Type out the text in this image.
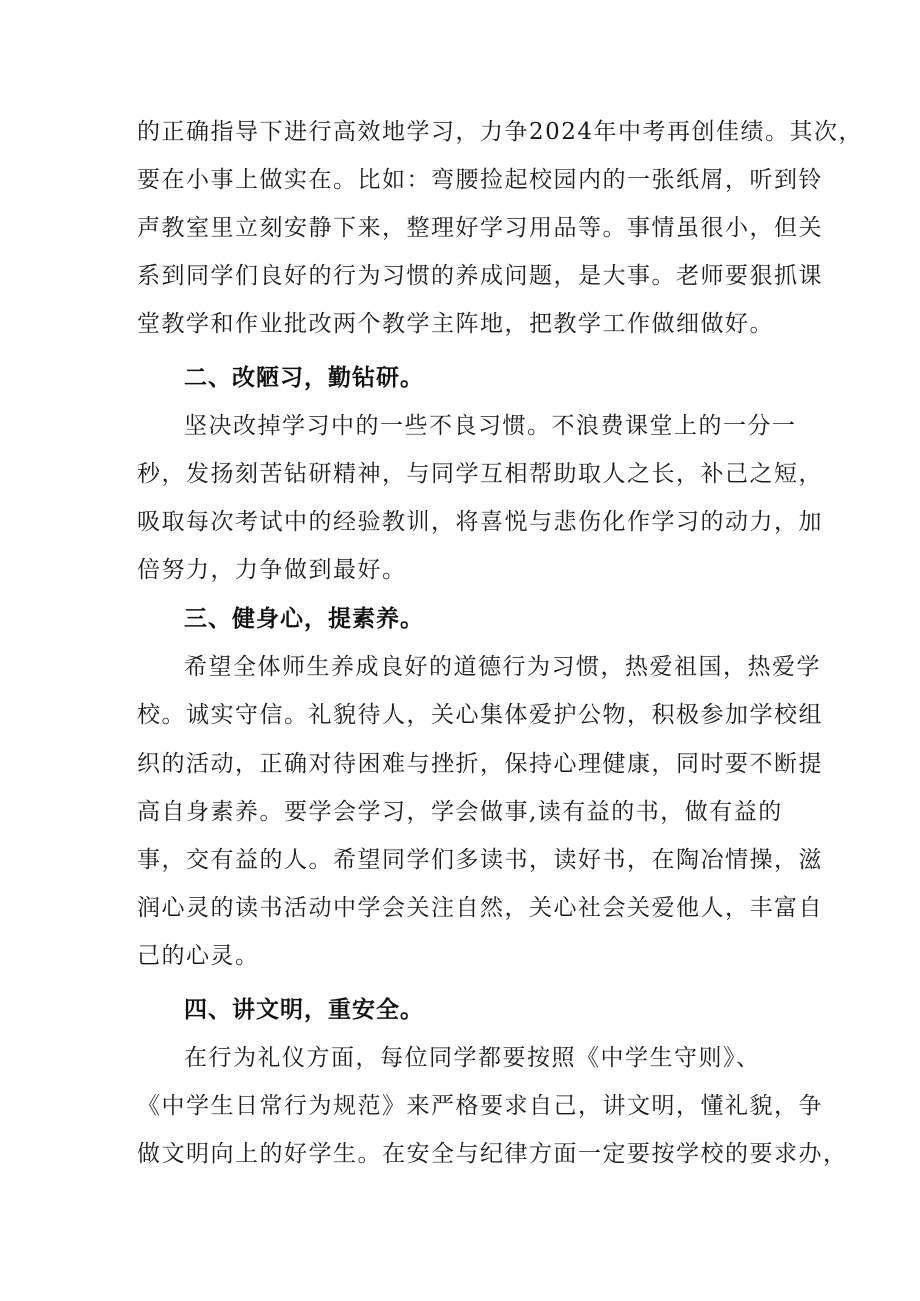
的正确指导下进行高效地学习，力争2024年中考再创佳绩。其次，
要在小事上做实在。比如：弯腰捡起校园内的一张纸屑，听到铃
声教室里立刻安静下来，整理好学习用品等。事情虽很小，但关
系到同学们良好的行为习惯的养成问题，是大事。老师要狠抓课
堂教学和作业批改两个教学主阵地，把教学工作做细做好。
二、改陋习，勤钻研。
坚决改掉学习中的一些不良习惯。不浪费课堂上的一分一
秒，发扬刻苦钻研精神，与同学互相帮助取人之长，补己之短，
吸取每次考试中的经验教训，将喜悦与悲伤化作学习的动力，加
倍努力，力争做到最好。
三、健身心，提素养。
希望全体师生养成良好的道德行为习惯，热爱祖国，热爱学
校。诚实守信。礼貌待人，关心集体爱护公物，积极参加学校组
织的活动，正确对待困难与挫折，保持心理健康，同时要不断提
高自身素养。要学会学习，学会做事,读有益的书，做有益的
事，交有益的人。希望同学们多读书，读好书，在陶冶情操，滋
润心灵的读书活动中学会关注自然，关心社会关爱他人，丰富自
己的心灵。
四、讲文明，重安全。
在行为礼仪方面，每位同学都要按照《中学生守则》、
《中学生日常行为规范》来严格要求自己，讲文明，懂礼貌，争
做文明向上的好学生。在安全与纪律方面一定要按学校的要求办，
